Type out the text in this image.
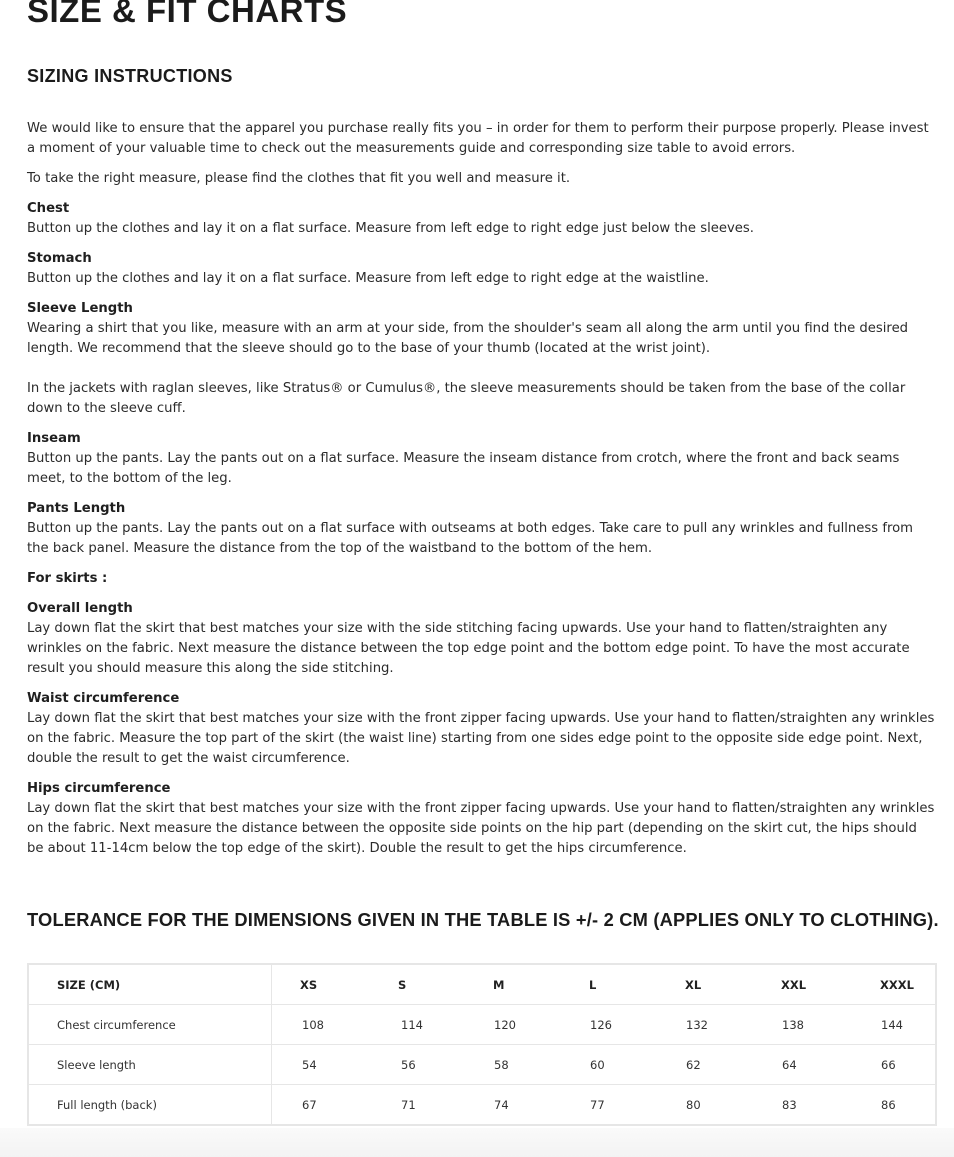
SIZE & FIT CHARTS
SIZING INSTRUCTIONS

We would like to ensure that the apparel you purchase really fits you – in order for them to perform their purpose properly. Please invest a moment of your valuable time to check out the measurements guide and corresponding size table to avoid errors.

To take the right measure, please find the clothes that fit you well and measure it.

Chest
Button up the clothes and lay it on a flat surface. Measure from left edge to right edge just below the sleeves.
Stomach
Button up the clothes and lay it on a flat surface. Measure from left edge to right edge at the waistline.
Sleeve Length
Wearing a shirt that you like, measure with an arm at your side, from the shoulder's seam all along the arm until you find the desired length. We recommend that the sleeve should go to the base of your thumb (located at the wrist joint).

In the jackets with raglan sleeves, like Stratus® or Cumulus®, the sleeve measurements should be taken from the base of the collar down to the sleeve cuff.

Inseam
Button up the pants. Lay the pants out on a flat surface. Measure the inseam distance from crotch, where the front and back seams meet, to the bottom of the leg.
Pants Length
Button up the pants. Lay the pants out on a flat surface with outseams at both edges. Take care to pull any wrinkles and fullness from the back panel. Measure the distance from the top of the waistband to the bottom of the hem.

For skirts :

Overall length
Lay down flat the skirt that best matches your size with the side stitching facing upwards. Use your hand to flatten/straighten any wrinkles on the fabric. Next measure the distance between the top edge point and the bottom edge point. To have the most accurate result you should measure this along the side stitching.
Waist circumference
Lay down flat the skirt that best matches your size with the front zipper facing upwards. Use your hand to flatten/straighten any wrinkles on the fabric. Measure the top part of the skirt (the waist line) starting from one sides edge point to the opposite side edge point. Next, double the result to get the waist circumference.
Hips circumference
Lay down flat the skirt that best matches your size with the front zipper facing upwards. Use your hand to flatten/straighten any wrinkles on the fabric. Next measure the distance between the opposite side points on the hip part (depending on the skirt cut, the hips should be about 11-14cm below the top edge of the skirt). Double the result to get the hips circumference.
TOLERANCE FOR THE DIMENSIONS GIVEN IN THE TABLE IS +/- 2 CM (APPLIES ONLY TO CLOTHING).
SIZE (CM)	XS	S	M	L	XL	XXL	XXXL
Chest circumference	108	114	120	126	132	138	144
Sleeve length	54	56	58	60	62	64	66
Full length (back)	67	71	74	77	80	83	86
